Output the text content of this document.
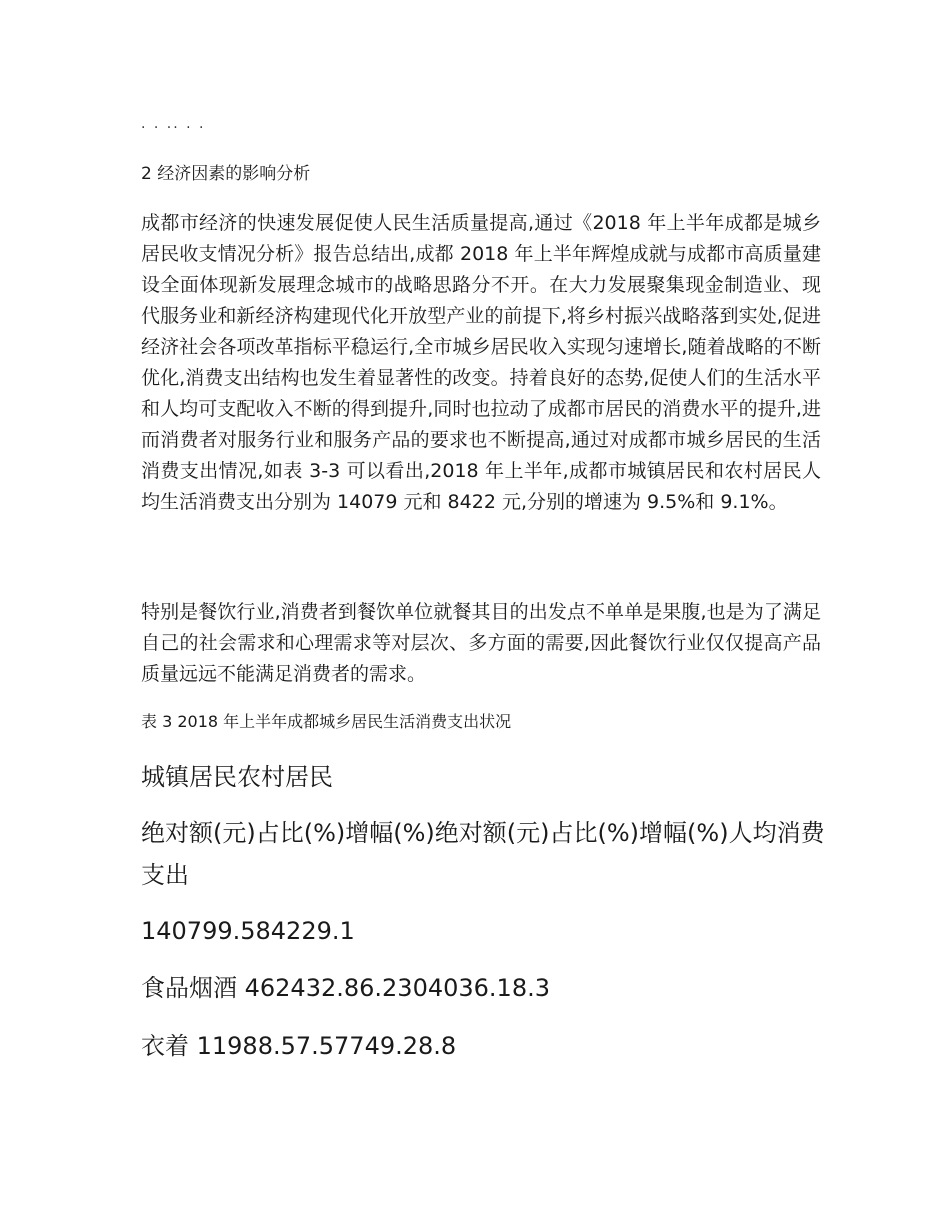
. . .. . .
2 经济因素的影响分析

成都市经济的快速发展促使人民生活质量提高,通过《2018 年上半年成都是城乡居民收支情况分析》报告总结出,成都 2018 年上半年辉煌成就与成都市高质量建设全面体现新发展理念城市的战略思路分不开。在大力发展聚集现金制造业、现代服务业和新经济构建现代化开放型产业的前提下,将乡村振兴战略落到实处,促进经济社会各项改革指标平稳运行,全市城乡居民收入实现匀速增长,随着战略的不断优化,消费支出结构也发生着显著性的改变。持着良好的态势,促使人们的生活水平和人均可支配收入不断的得到提升,同时也拉动了成都市居民的消费水平的提升,进而消费者对服务行业和服务产品的要求也不断提高,通过对成都市城乡居民的生活消费支出情况,如表 3-3 可以看出,2018 年上半年,成都市城镇居民和农村居民人均生活消费支出分别为 14079 元和 8422 元,分别的增速为 9.5%和 9.1%。

特别是餐饮行业,消费者到餐饮单位就餐其目的出发点不单单是果腹,也是为了满足自己的社会需求和心理需求等对层次、多方面的需要,因此餐饮行业仅仅提高产品质量远远不能满足消费者的需求。

表 3 2018 年上半年成都城乡居民生活消费支出状况

城镇居民农村居民

绝对额(元)占比(%)增幅(%)绝对额(元)占比(%)增幅(%)人均消费支出

140799.584229.1

食品烟酒 462432.86.2304036.18.3

衣着 11988.57.57749.28.8
